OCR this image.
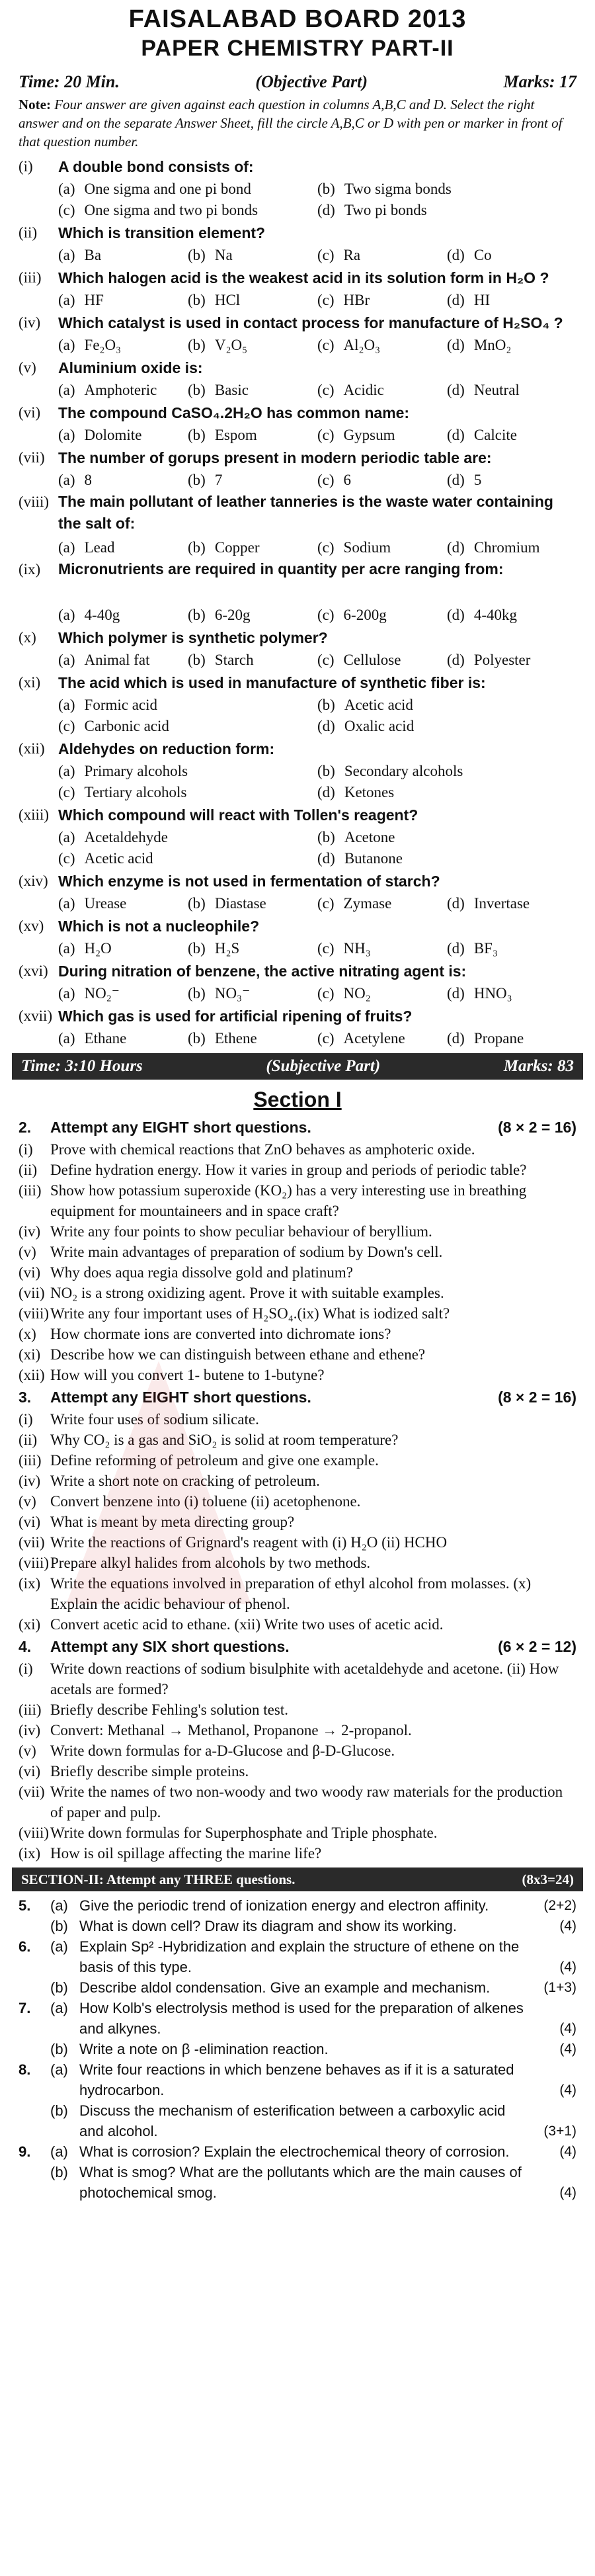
FAISALABAD BOARD 2013
PAPER CHEMISTRY PART-II
Time: 20 Min.	(Objective Part)	Marks: 17
Note: Four answer are given against each question in columns A,B,C and D. Select the right answer and on the separate Answer Sheet, fill the circle A,B,C or D with pen or marker in front of that question number.
(i)	A double bond consists of:
(a) One sigma and one pi bond	(b) Two sigma bonds
(c) One sigma and two pi bonds	(d) Two pi bonds
(ii)	Which is transition element?
(a) Ba	(b) Na	(c) Ra	(d) Co
(iii)	Which halogen acid is the weakest acid in its solution form in H₂O ?
(a) HF	(b) HCl	(c) HBr	(d) HI
(iv)	Which catalyst is used in contact process for manufacture of H₂SO₄ ?
(a) Fe₂O₃	(b) V₂O₅	(c) Al₂O₃	(d) MnO₂
(v)	Aluminium oxide is:
(a) Amphoteric (b) Basic	(c) Acidic	(d) Neutral
(vi)	The compound CaSO₄.2H₂O has common name:
(a) Dolomite	(b) Espom	(c) Gypsum	(d) Calcite
(vii) The number of gorups present in modern periodic table are:
(a) 8	(b) 7	(c) 6	(d) 5
(viii) The main pollutant of leather tanneries is the waste water containing the salt of:
(a) Lead	(b) Copper	(c) Sodium	(d) Chromium
(ix)	Micronutrients are required in quantity per acre ranging from:
(a) 4-40g	(b) 6-20g	(c) 6-200g	(d) 4-40kg
(x)	Which polymer is synthetic polymer?
(a) Animal fat (b) Starch	(c) Cellulose	(d) Polyester
(xi)	The acid which is used in manufacture of synthetic fiber is:
(a) Formic acid	(b) Acetic acid
(c) Carbonic acid	(d) Oxalic acid
(xii) Aldehydes on reduction form:
(a) Primary alcohols	(b) Secondary alcohols
(c) Tertiary alcohols	(d) Ketones
(xiii) Which compound will react with Tollen's reagent?
(a) Acetaldehyde	(b) Acetone
(c) Acetic acid	(d) Butanone
(xiv) Which enzyme is not used in fermentation of starch?
(a) Urease	(b) Diastase	(c) Zymase	(d) Invertase
(xv) Which is not a nucleophile?
(a) H₂O	(b) H₂S	(c) NH₃	(d) BF₃
(xvi) During nitration of benzene, the active nitrating agent is:
(a) NO₂⁻	(b) NO₃⁻	(c) NO₂	(d) HNO₃
(xvii) Which gas is used for artificial ripening of fruits?
(a) Ethane	(b) Ethene	(c) Acetylene	(d) Propane
Time: 3:10 Hours	(Subjective Part)	Marks: 83
Section I
2.	Attempt any EIGHT short questions.	(8 × 2 = 16)
(i)	Prove with chemical reactions that ZnO behaves as amphoteric oxide.
(ii) Define hydration energy. How it varies in group and periods of periodic table?
(iii) Show how potassium superoxide (KO₂) has a very interesting use in breathing equipment for mountaineers and in space craft?
(iv) Write any four points to show peculiar behaviour of beryllium.
(v) Write main advantages of preparation of sodium by Down's cell.
(vi) Why does aqua regia dissolve gold and platinum?
(vii) NO₂ is a strong oxidizing agent. Prove it with suitable examples.
(viii) Write any four important uses of H₂SO₄.(ix) What is iodized salt?
(x) How chormate ions are converted into dichromate ions?
(xi) Describe how we can distinguish between ethane and ethene?
(xii) How will you convert 1- butene to 1-butyne?
3.	Attempt any EIGHT short questions.	(8 × 2 = 16)
(i)	Write four uses of sodium silicate.
(ii) Why CO₂ is a gas and SiO₂ is solid at room temperature?
(iii) Define reforming of petroleum and give one example.
(iv) Write a short note on cracking of petroleum.
(v) Convert benzene into (i) toluene (ii) acetophenone.
(vi) What is meant by meta directing group?
(vii) Write the reactions of Grignard's reagent with (i) H₂O (ii) HCHO
(viii) Prepare alkyl halides from alcohols by two methods.
(ix) Write the equations involved in preparation of ethyl alcohol from molasses. (x) Explain the acidic behaviour of phenol.
(xi) Convert acetic acid to ethane. (xii) Write two uses of acetic acid.
4.	Attempt any SIX short questions.	(6 × 2 = 12)
(i)	Write down reactions of sodium bisulphite with acetaldehyde and acetone. (ii) How acetals are formed?
(iii) Briefly describe Fehling's solution test.
(iv) Convert: Methanal → Methanol, Propanone → 2-propanol.
(v) Write down formulas for a-D-Glucose and β-D-Glucose.
(vi) Briefly describe simple proteins.
(vii) Write the names of two non-woody and two woody raw materials for the production of paper and pulp.
(viii) Write down formulas for Superphosphate and Triple phosphate.
(ix) How is oil spillage affecting the marine life?
SECTION-II: Attempt any THREE questions.	(8x3=24)
5.	(a) Give the periodic trend of ionization energy and electron affinity.	(2+2)
(b) What is down cell? Draw its diagram and show its working.	(4)
6.	(a) Explain Sp² -Hybridization and explain the structure of ethene on the basis of this type.	(4)
(b) Describe aldol condensation. Give an example and mechanism.	(1+3)
7.	(a) How Kolb's electrolysis method is used for the preparation of alkenes and alkynes.	(4)
(b) Write a note on β -elimination reaction.	(4)
8.	(a) Write four reactions in which benzene behaves as if it is a saturated hydrocarbon.	(4)
(b) Discuss the mechanism of esterification between a carboxylic acid and alcohol.	(3+1)
9.	(a) What is corrosion? Explain the electrochemical theory of corrosion.	(4)
(b) What is smog? What are the pollutants which are the main causes of photochemical smog.	(4)
